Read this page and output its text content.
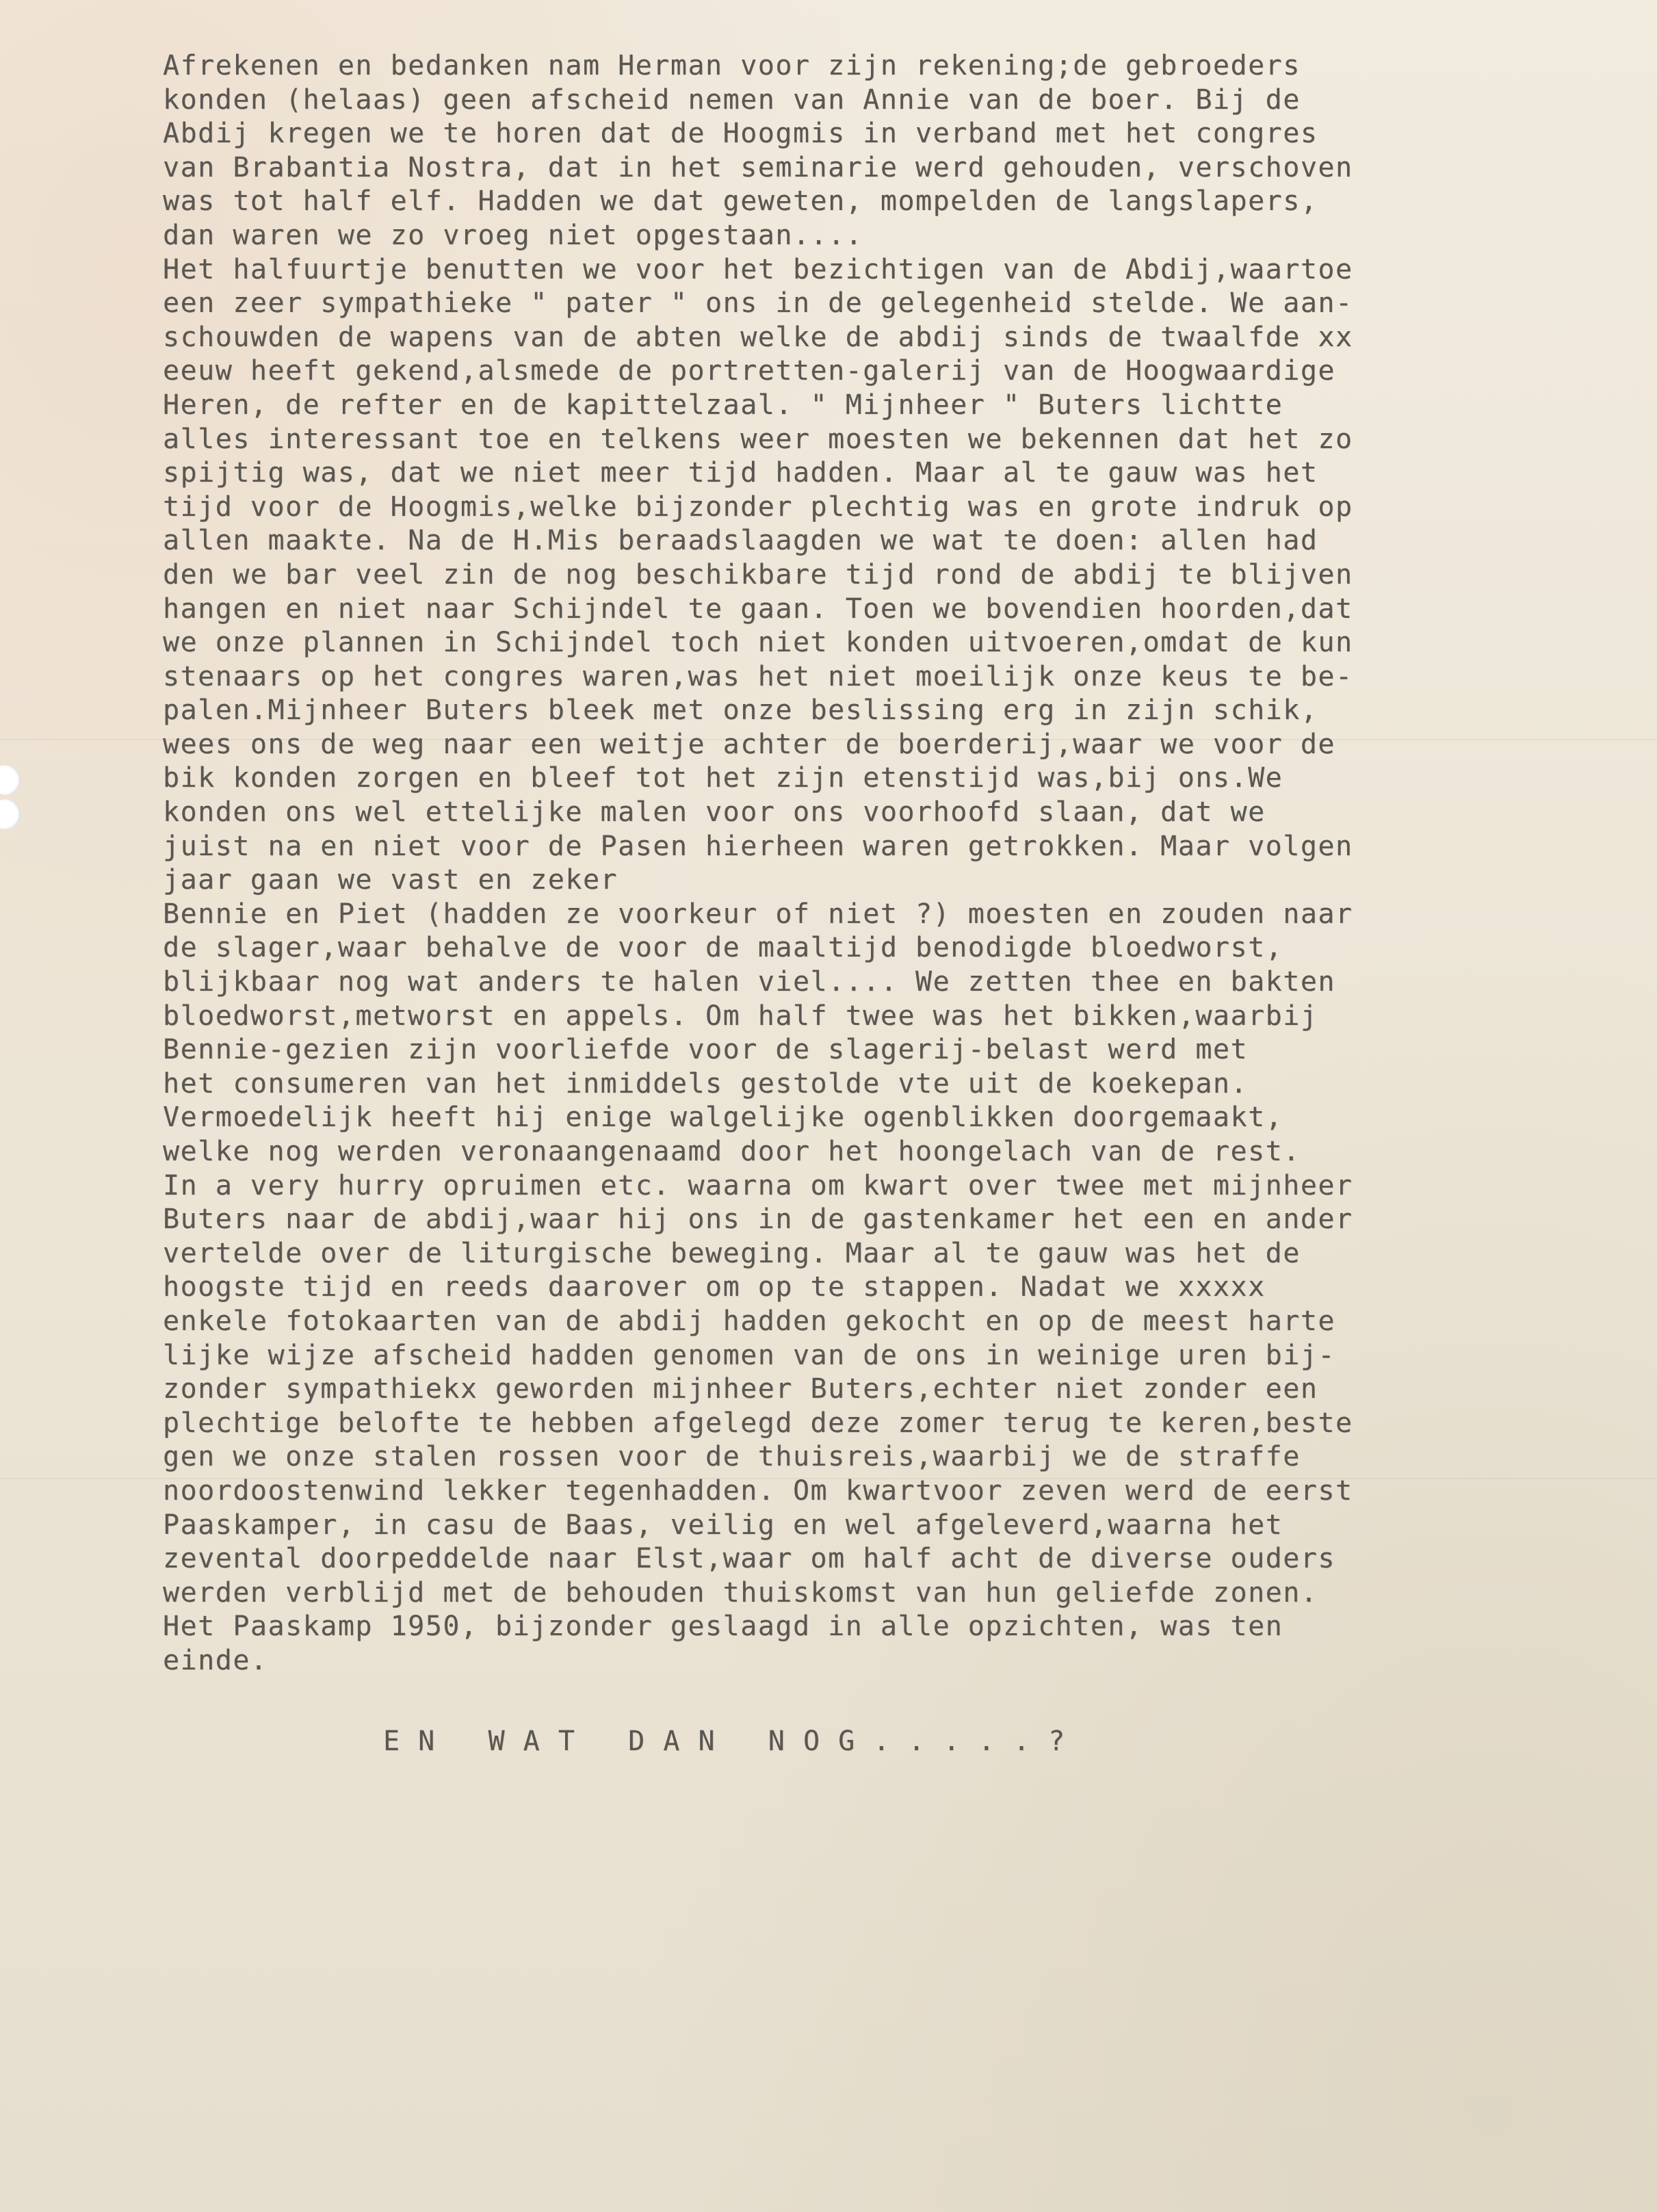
Afrekenen en bedanken nam Herman voor zijn rekening;de gebroeders
konden (helaas) geen afscheid nemen van Annie van de boer. Bij de
Abdij kregen we te horen dat de Hoogmis in verband met het congres
van Brabantia Nostra, dat in het seminarie werd gehouden, verschoven
was tot half elf. Hadden we dat geweten, mompelden de langslapers,
dan waren we zo vroeg niet opgestaan....
Het halfuurtje benutten we voor het bezichtigen van de Abdij,waartoe
een zeer sympathieke " pater " ons in de gelegenheid stelde. We aan-
schouwden de wapens van de abten welke de abdij sinds de twaalfde xx
eeuw heeft gekend,alsmede de portretten-galerij van de Hoogwaardige
Heren, de refter en de kapittelzaal. " Mijnheer " Buters lichtte
alles interessant toe en telkens weer moesten we bekennen dat het zo
spijtig was, dat we niet meer tijd hadden. Maar al te gauw was het
tijd voor de Hoogmis,welke bijzonder plechtig was en grote indruk op
allen maakte. Na de H.Mis beraadslaagden we wat te doen: allen had
den we bar veel zin de nog beschikbare tijd rond de abdij te blijven
hangen en niet naar Schijndel te gaan. Toen we bovendien hoorden,dat
we onze plannen in Schijndel toch niet konden uitvoeren,omdat de kun
stenaars op het congres waren,was het niet moeilijk onze keus te be-
palen.Mijnheer Buters bleek met onze beslissing erg in zijn schik,
wees ons de weg naar een weitje achter de boerderij,waar we voor de
bik konden zorgen en bleef tot het zijn etenstijd was,bij ons.We
konden ons wel ettelijke malen voor ons voorhoofd slaan, dat we
juist na en niet voor de Pasen hierheen waren getrokken. Maar volgen
jaar gaan we vast en zeker
Bennie en Piet (hadden ze voorkeur of niet ?) moesten en zouden naar
de slager,waar behalve de voor de maaltijd benodigde bloedworst,
blijkbaar nog wat anders te halen viel.... We zetten thee en bakten
bloedworst,metworst en appels. Om half twee was het bikken,waarbij
Bennie-gezien zijn voorliefde voor de slagerij-belast werd met
het consumeren van het inmiddels gestolde vte uit de koekepan.
Vermoedelijk heeft hij enige walgelijke ogenblikken doorgemaakt,
welke nog werden veronaangenaamd door het hoongelach van de rest.
In a very hurry opruimen etc. waarna om kwart over twee met mijnheer
Buters naar de abdij,waar hij ons in de gastenkamer het een en ander
vertelde over de liturgische beweging. Maar al te gauw was het de
hoogste tijd en reeds daarover om op te stappen. Nadat we xxxxx
enkele fotokaarten van de abdij hadden gekocht en op de meest harte
lijke wijze afscheid hadden genomen van de ons in weinige uren bij-
zonder sympathiekx geworden mijnheer Buters,echter niet zonder een
plechtige belofte te hebben afgelegd deze zomer terug te keren,beste
gen we onze stalen rossen voor de thuisreis,waarbij we de straffe
noordoostenwind lekker tegenhadden. Om kwartvoor zeven werd de eerst
Paaskamper, in casu de Baas, veilig en wel afgeleverd,waarna het
zevental doorpeddelde naar Elst,waar om half acht de diverse ouders
werden verblijd met de behouden thuiskomst van hun geliefde zonen.
Het Paaskamp 1950, bijzonder geslaagd in alle opzichten, was ten
einde.
E N   W A T   D A N   N O G . . . . . ?
